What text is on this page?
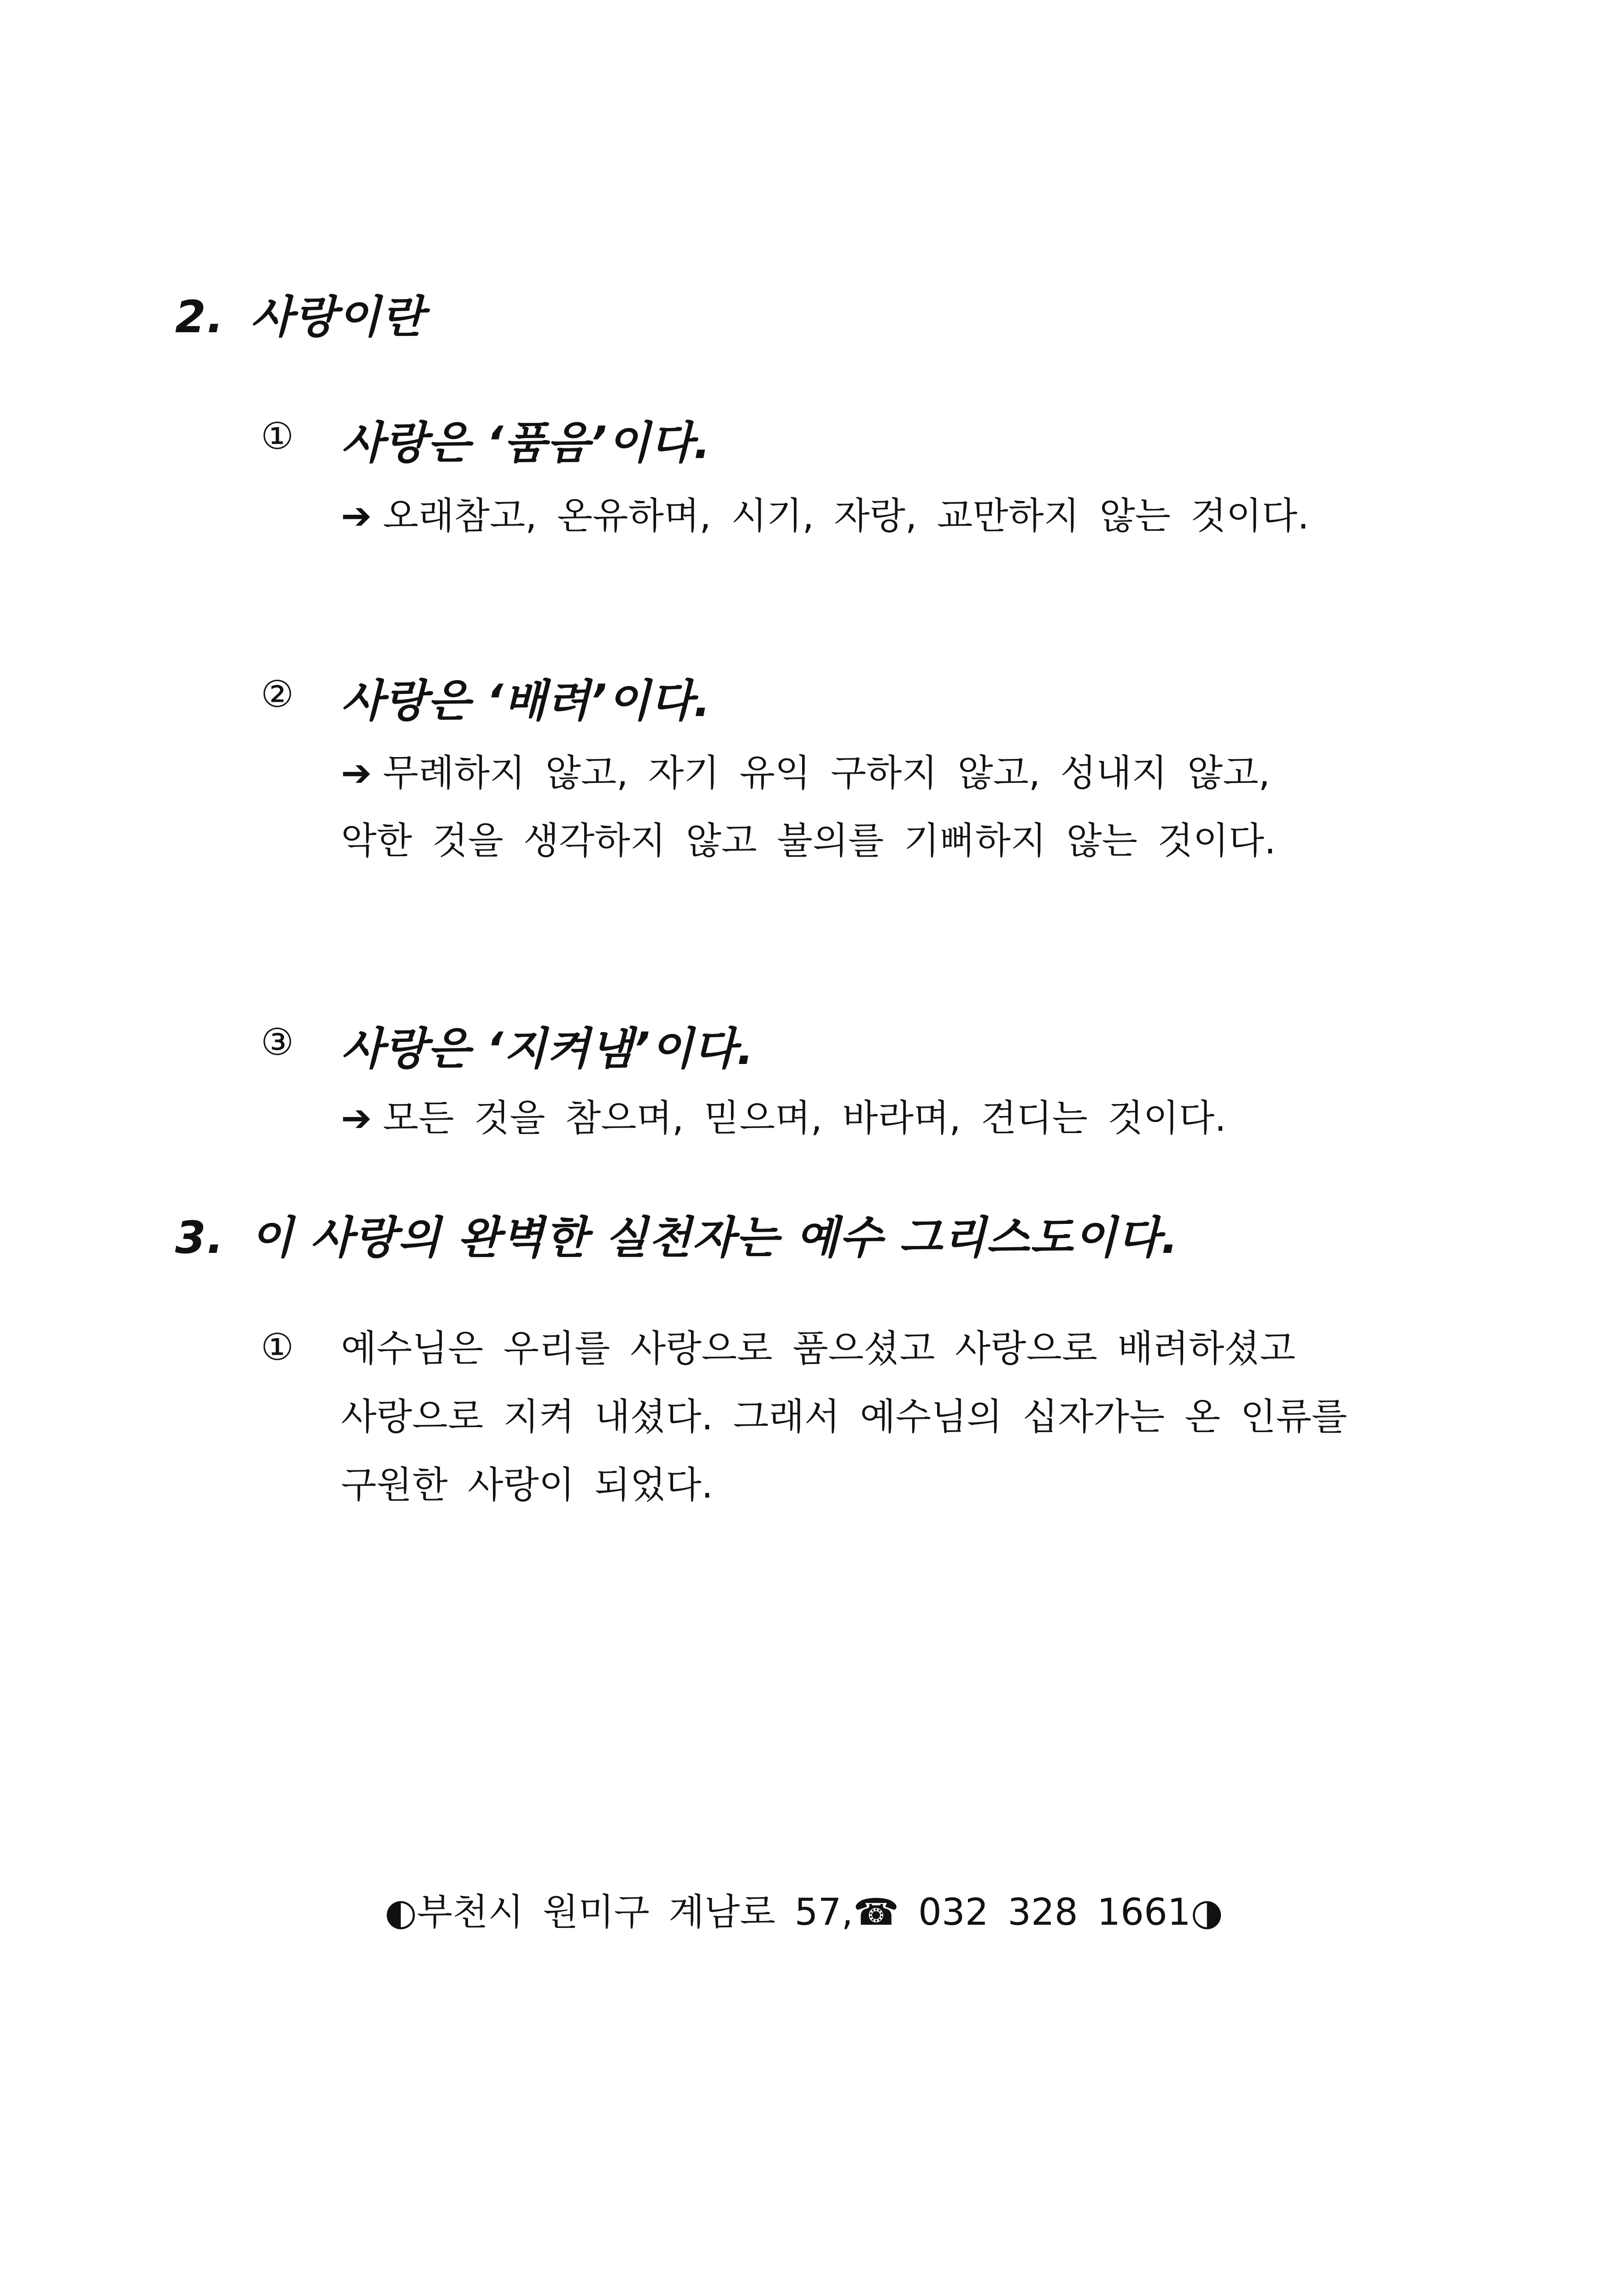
2. 사랑이란
① 사랑은 ‘품음’이다.
➔ 오래참고, 온유하며, 시기, 자랑, 교만하지 않는 것이다.
② 사랑은 ‘배려’이다.
➔ 무례하지 않고, 자기 유익 구하지 않고, 성내지 않고,
악한 것을 생각하지 않고 불의를 기뻐하지 않는 것이다.
③ 사랑은 ‘지켜냄’이다.
➔ 모든 것을 참으며, 믿으며, 바라며, 견디는 것이다.
3. 이 사랑의 완벽한 실천자는 예수 그리스도이다.
① 예수님은 우리를 사랑으로 품으셨고 사랑으로 배려하셨고
사랑으로 지켜 내셨다. 그래서 예수님의 십자가는 온 인류를
구원한 사랑이 되었다.
◐부천시 원미구 계남로 57,☎ 032 328 1661◑
